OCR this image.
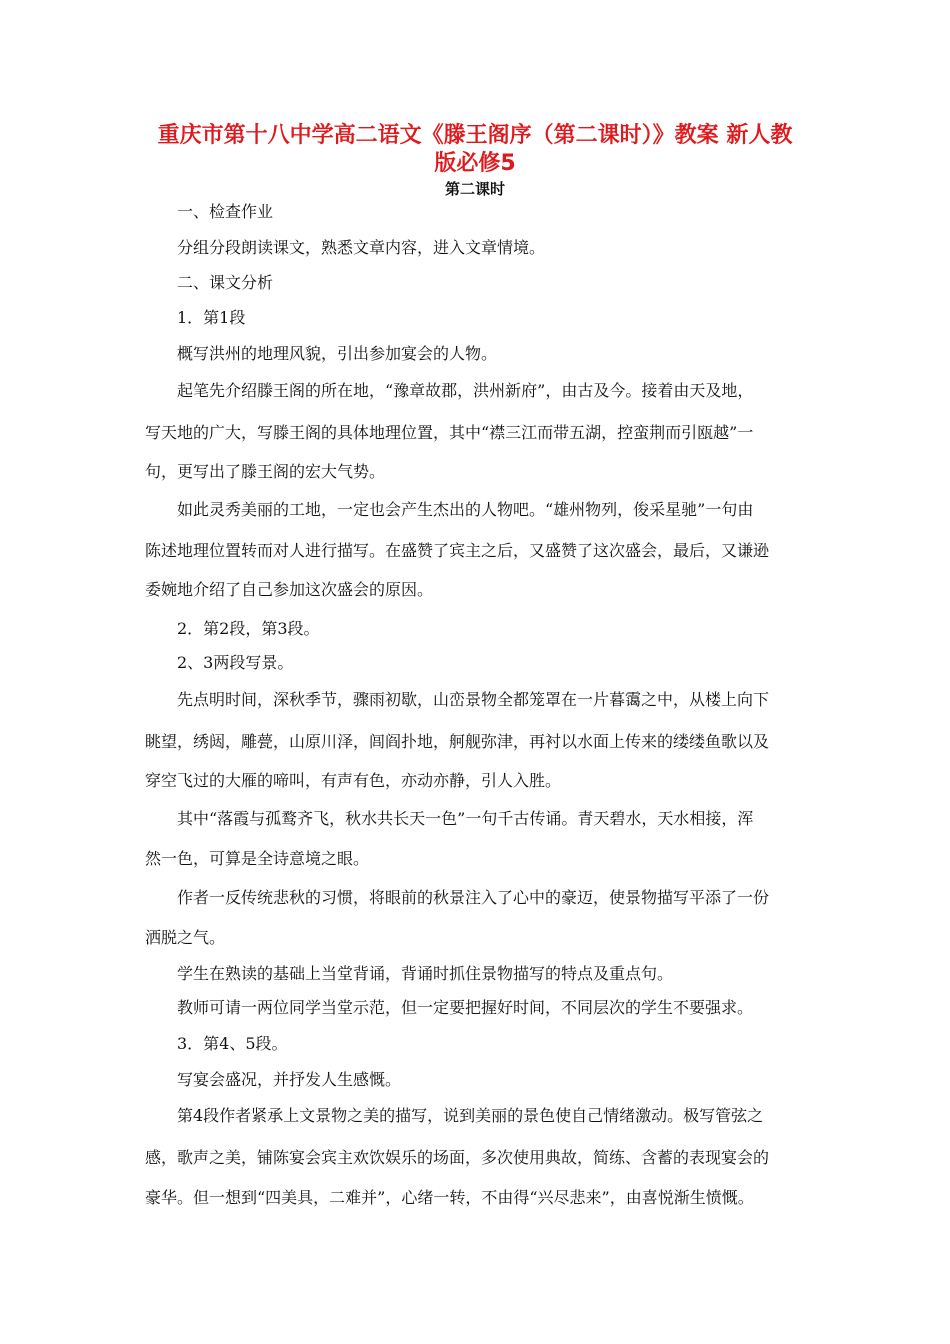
重庆市第十八中学高二语文《滕王阁序（第二课时）》教案 新人教
版必修5
第二课时
一、检查作业
分组分段朗读课文，熟悉文章内容，进入文章情境。
二、课文分析
1．第1段
概写洪州的地理风貌，引出参加宴会的人物。
起笔先介绍滕王阁的所在地，“豫章故郡，洪州新府”，由古及今。接着由天及地，
写天地的广大，写滕王阁的具体地理位置，其中“襟三江而带五湖，控蛮荆而引瓯越”一
句，更写出了滕王阁的宏大气势。
如此灵秀美丽的工地，一定也会产生杰出的人物吧。“雄州物列，俊采星驰”一句由
陈述地理位置转而对人进行描写。在盛赞了宾主之后，又盛赞了这次盛会，最后，又谦逊
委婉地介绍了自己参加这次盛会的原因。
2．第2段，第3段。
2、3两段写景。
先点明时间，深秋季节，骤雨初歇，山峦景物全都笼罩在一片暮霭之中，从楼上向下
眺望，绣闼，雕甍，山原川泽，闾阎扑地，舸舰弥津，再衬以水面上传来的缕缕鱼歌以及
穿空飞过的大雁的啼叫，有声有色，亦动亦静，引人入胜。
其中“落霞与孤鹜齐飞，秋水共长天一色”一句千古传诵。青天碧水，天水相接，浑
然一色，可算是全诗意境之眼。
作者一反传统悲秋的习惯，将眼前的秋景注入了心中的豪迈，使景物描写平添了一份
洒脱之气。
学生在熟读的基础上当堂背诵，背诵时抓住景物描写的特点及重点句。
教师可请一两位同学当堂示范，但一定要把握好时间，不同层次的学生不要强求。
3．第4、5段。
写宴会盛况，并抒发人生感慨。
第4段作者紧承上文景物之美的描写，说到美丽的景色使自己情绪激动。极写管弦之
感，歌声之美，铺陈宴会宾主欢饮娱乐的场面，多次使用典故，简练、含蓄的表现宴会的
豪华。但一想到“四美具，二难并”，心绪一转，不由得“兴尽悲来”，由喜悦渐生愤慨。
